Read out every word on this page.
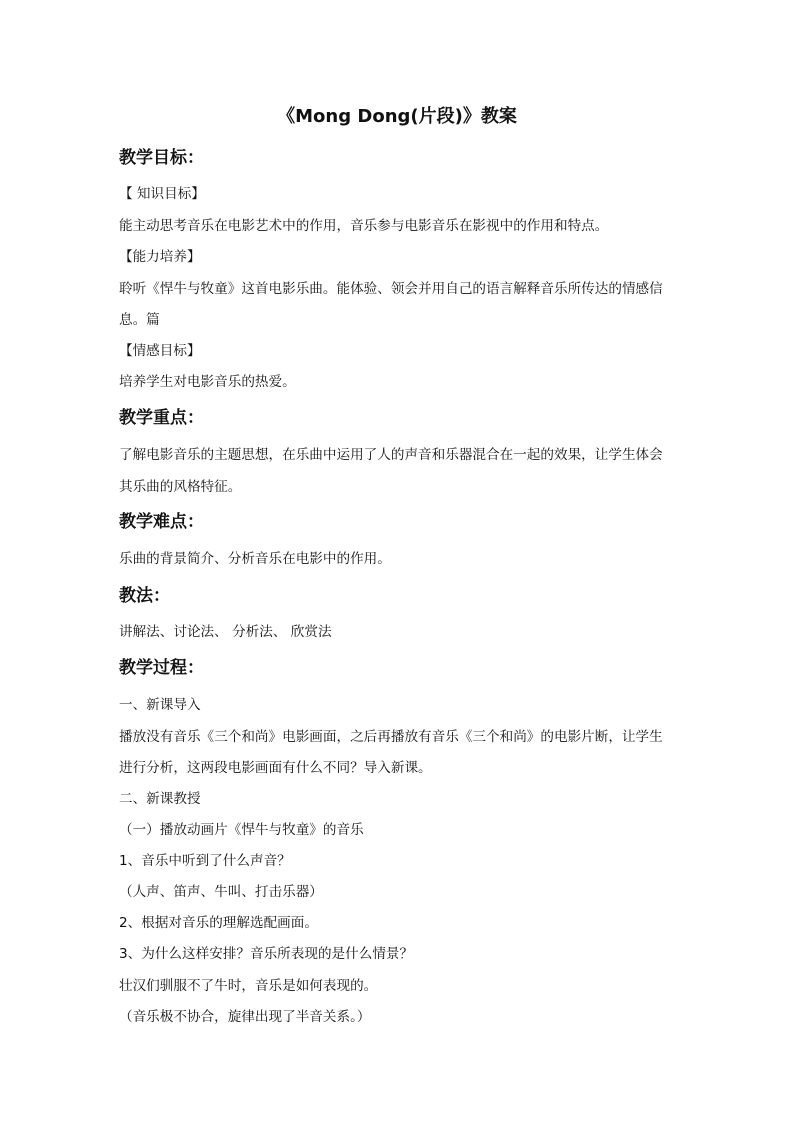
《Mong Dong(片段)》教案
教学目标：
【 知识目标】
能主动思考音乐在电影艺术中的作用，音乐参与电影音乐在影视中的作用和特点。
【能力培养】
聆听《悍牛与牧童》这首电影乐曲。能体验、领会并用自己的语言解释音乐所传达的情感信
息。篇
【情感目标】
培养学生对电影音乐的热爱。
教学重点：
了解电影音乐的主题思想，在乐曲中运用了人的声音和乐器混合在一起的效果，让学生体会
其乐曲的风格特征。
教学难点：
乐曲的背景简介、分析音乐在电影中的作用。
教法：
讲解法、讨论法、 分析法、 欣赏法
教学过程：
一、新课导入
播放没有音乐《三个和尚》电影画面，之后再播放有音乐《三个和尚》的电影片断，让学生
进行分析，这两段电影画面有什么不同？导入新课。
二、新课教授
（一）播放动画片《悍牛与牧童》的音乐
1、音乐中听到了什么声音？
（人声、笛声、牛叫、打击乐器）
2、根据对音乐的理解选配画面。
3、为什么这样安排？音乐所表现的是什么情景？
壮汉们驯服不了牛时，音乐是如何表现的。
（音乐极不协合，旋律出现了半音关系。）
